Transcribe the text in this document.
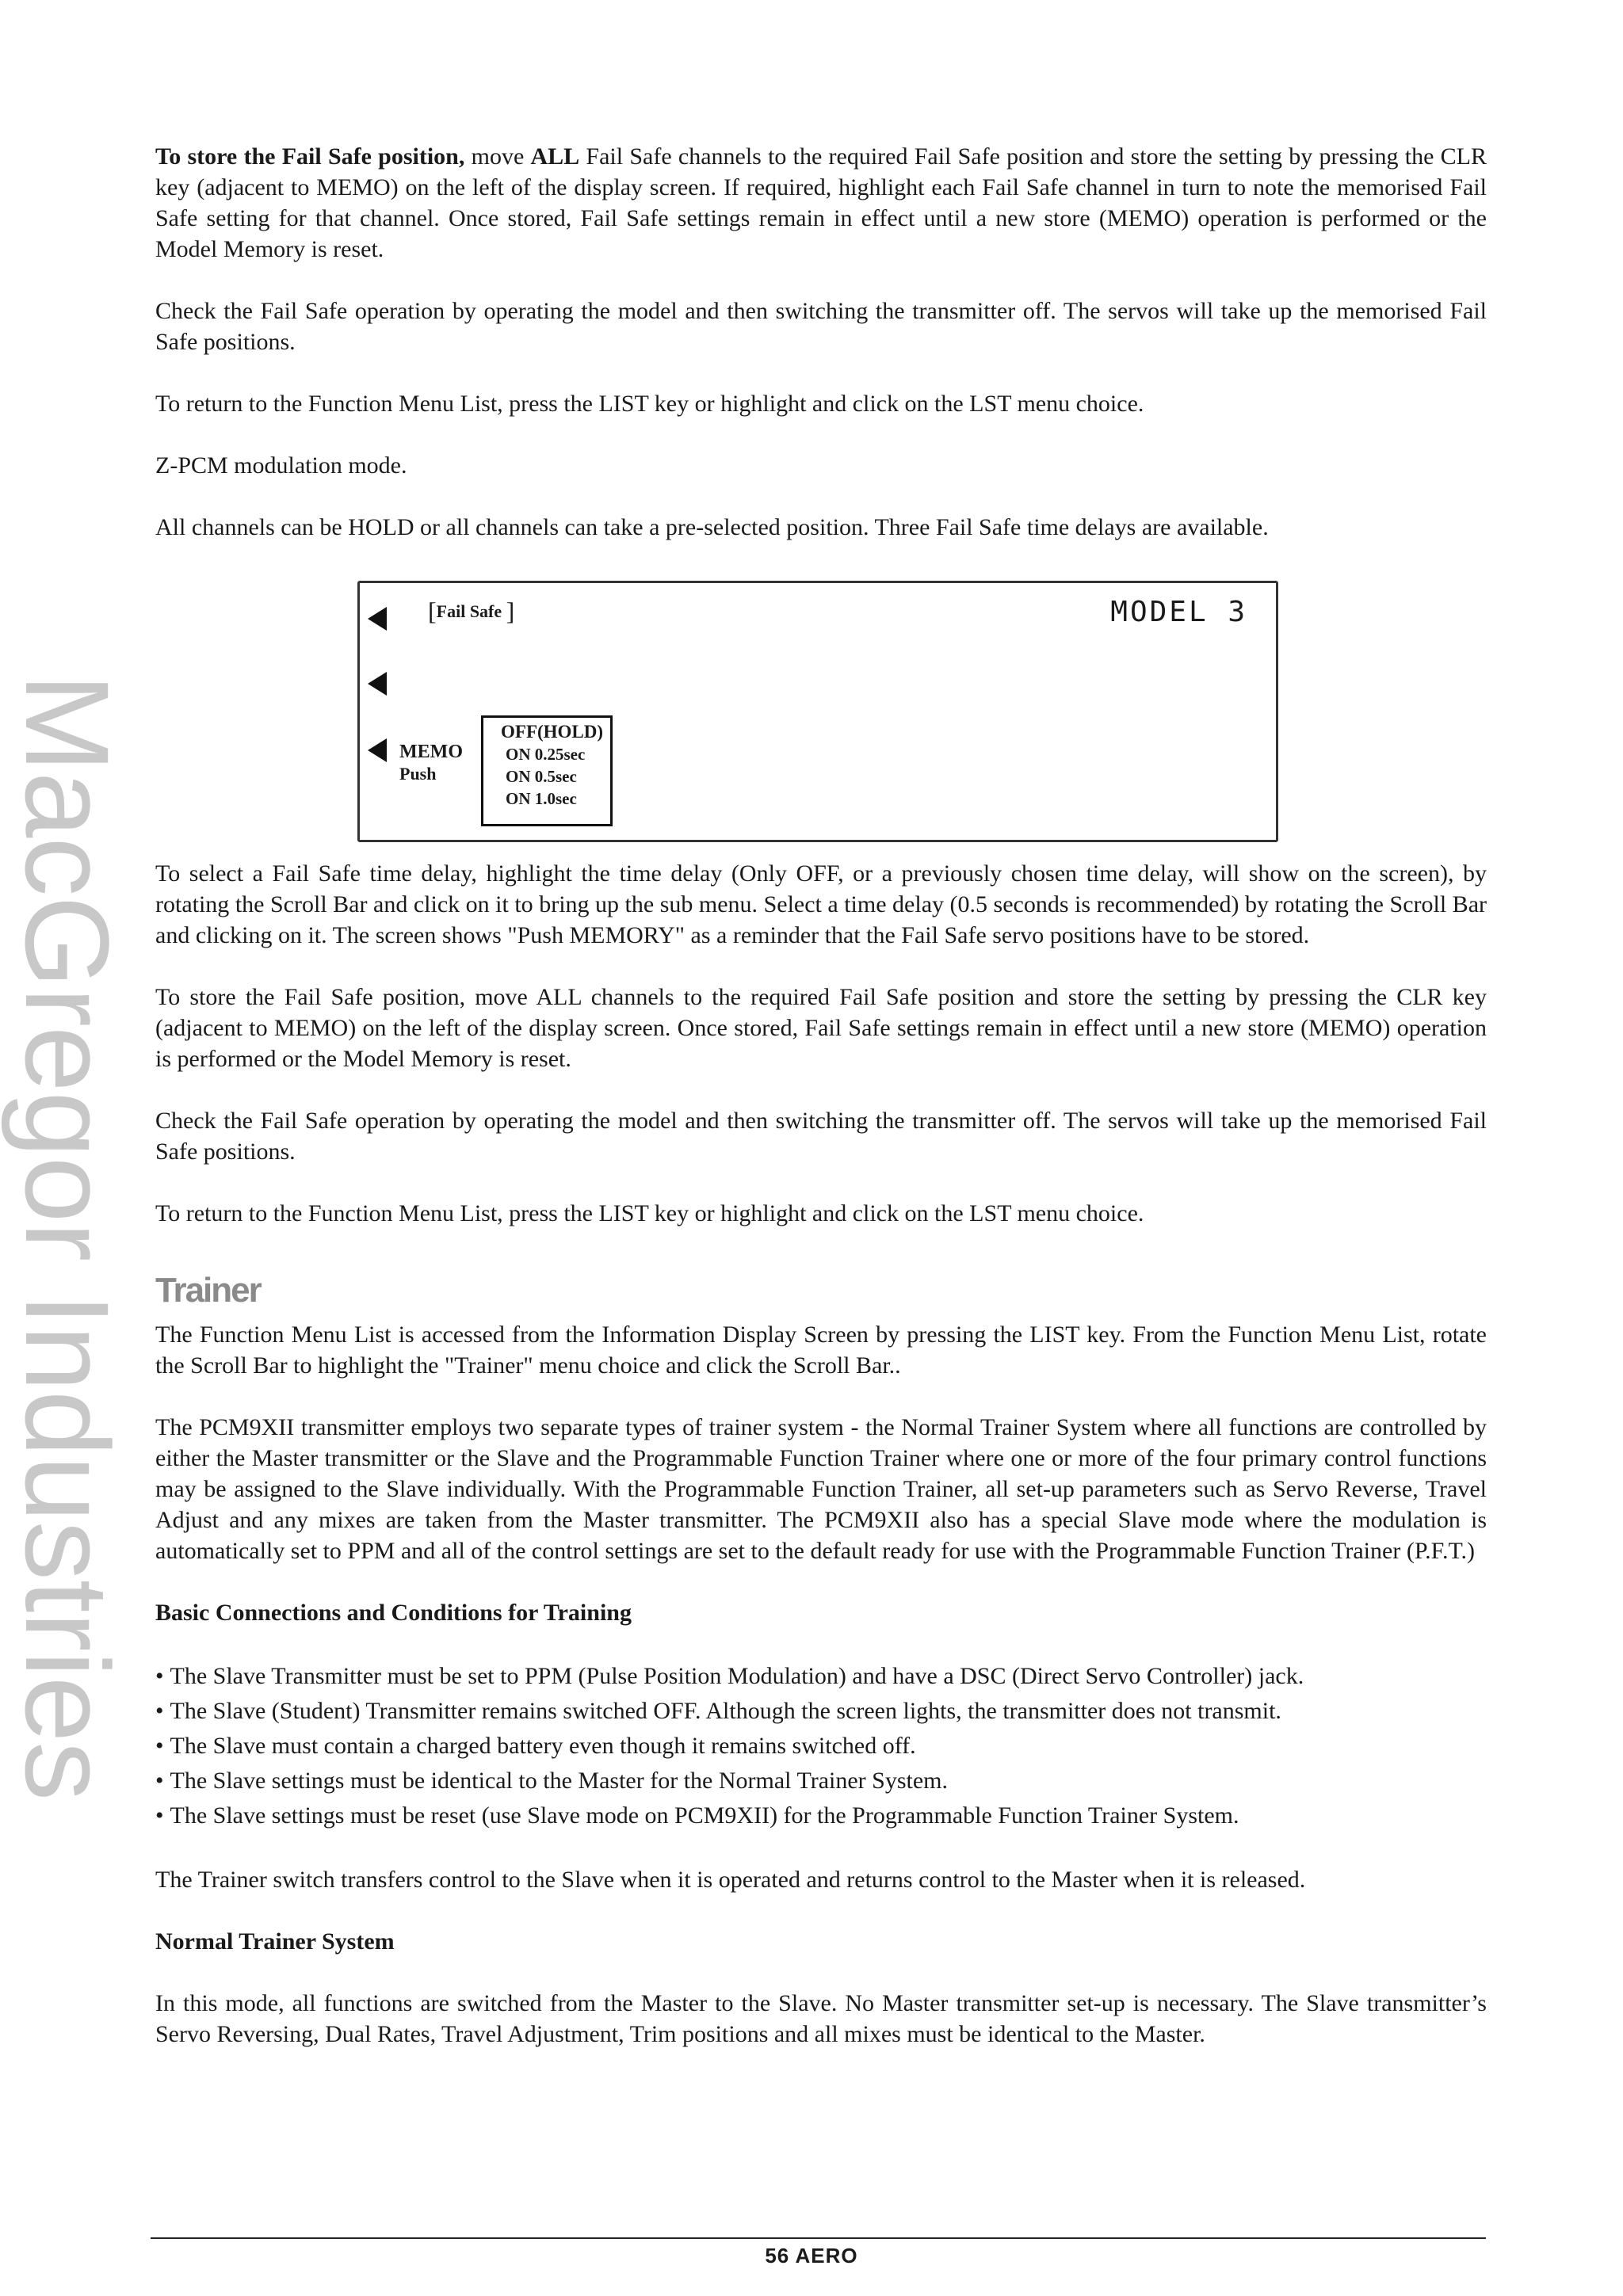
MacGregor Industries

To store the Fail Safe position, move ALL Fail Safe channels to the required Fail Safe position and store the setting by pressing the CLR key (adjacent to MEMO) on the left of the display screen. If required, highlight each Fail Safe channel in turn to note the memorised Fail Safe setting for that channel. Once stored, Fail Safe settings remain in effect until a new store (MEMO) operation is performed or the Model Memory is reset.

Check the Fail Safe operation by operating the model and then switching the transmitter off. The servos will take up the memorised Fail Safe positions.

To return to the Function Menu List, press the LIST key or highlight and click on the LST menu choice.

Z-PCM modulation mode.

All channels can be HOLD or all channels can take a pre-selected position. Three Fail Safe time delays are available.

To select a Fail Safe time delay, highlight the time delay (Only OFF, or a previously chosen time delay, will show on the screen), by rotating the Scroll Bar and click on it to bring up the sub menu. Select a time delay (0.5 seconds is recommended) by rotating the Scroll Bar and clicking on it. The screen shows "Push MEMORY" as a reminder that the Fail Safe servo positions have to be stored.

To store the Fail Safe position, move ALL channels to the required Fail Safe position and store the setting by pressing the CLR key (adjacent to MEMO) on the left of the display screen. Once stored, Fail Safe settings remain in effect until a new store (MEMO) operation is performed or the Model Memory is reset.

Check the Fail Safe operation by operating the model and then switching the transmitter off. The servos will take up the memorised Fail Safe positions.

To return to the Function Menu List, press the LIST key or highlight and click on the LST menu choice.

Trainer

The Function Menu List is accessed from the Information Display Screen by pressing the LIST key. From the Function Menu List, rotate the Scroll Bar to highlight the "Trainer" menu choice and click the Scroll Bar..

The PCM9XII transmitter employs two separate types of trainer system - the Normal Trainer System where all functions are controlled by either the Master transmitter or the Slave and the Programmable Function Trainer where one or more of the four primary control functions may be assigned to the Slave individually. With the Programmable Function Trainer, all set-up parameters such as Servo Reverse, Travel Adjust and any mixes are taken from the Master transmitter. The PCM9XII also has a special Slave mode where the modulation is automatically set to PPM and all of the control settings are set to the default ready for use with the Programmable Function Trainer (P.F.T.)

Basic Connections and Conditions for Training
• The Slave Transmitter must be set to PPM (Pulse Position Modulation) and have a DSC (Direct Servo Controller) jack.
• The Slave (Student) Transmitter remains switched OFF. Although the screen lights, the transmitter does not transmit.
• The Slave must contain a charged battery even though it remains switched off.
• The Slave settings must be identical to the Master for the Normal Trainer System.
• The Slave settings must be reset (use Slave mode on PCM9XII) for the Programmable Function Trainer System.

The Trainer switch transfers control to the Slave when it is operated and returns control to the Master when it is released.

Normal Trainer System

In this mode, all functions are switched from the Master to the Slave. No Master transmitter set-up is necessary. The Slave transmitter’s Servo Reversing, Dual Rates, Travel Adjustment, Trim positions and all mixes must be identical to the Master.

[Fail Safe ]	MODEL 3
MEMO
Push
OFF(HOLD)
ON 0.25sec
ON 0.5sec
ON 1.0sec
56 AERO
